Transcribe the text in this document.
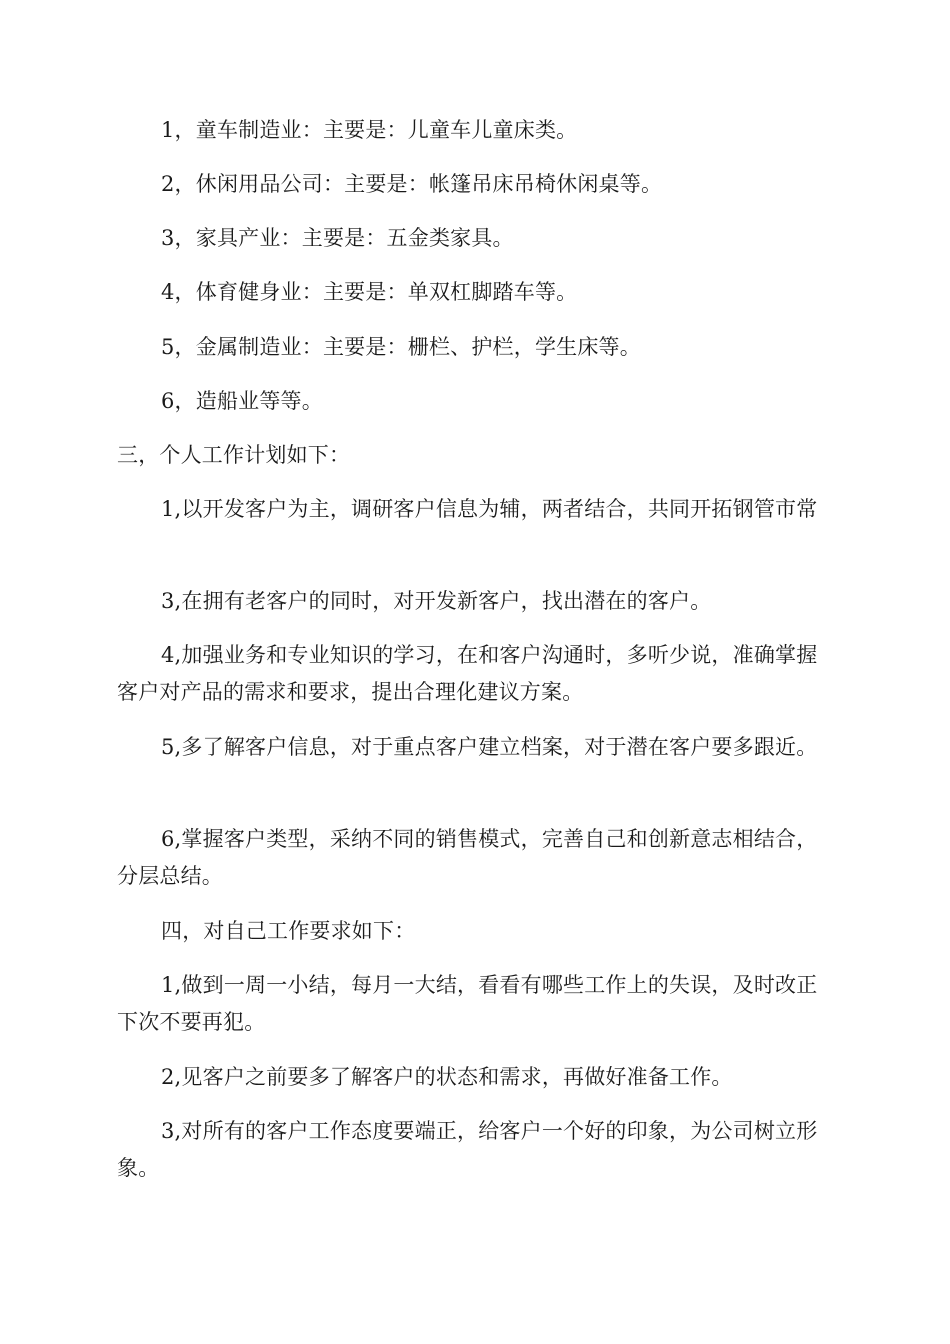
1，童车制造业：主要是：儿童车儿童床类。

2，休闲用品公司：主要是：帐篷吊床吊椅休闲桌等。

3，家具产业：主要是：五金类家具。

4，体育健身业：主要是：单双杠脚踏车等。

5，金属制造业：主要是：栅栏、护栏，学生床等。

6，造船业等等。

三，个人工作计划如下：

1,以开发客户为主，调研客户信息为辅，两者结合，共同开拓钢管市常

3,在拥有老客户的同时，对开发新客户，找出潜在的客户。

4,加强业务和专业知识的学习，在和客户沟通时，多听少说，准确掌握客户对产品的需求和要求，提出合理化建议方案。

5,多了解客户信息，对于重点客户建立档案，对于潜在客户要多跟近。

6,掌握客户类型，采纳不同的销售模式，完善自己和创新意志相结合，分层总结。

四，对自己工作要求如下：

1,做到一周一小结，每月一大结，看看有哪些工作上的失误，及时改正下次不要再犯。

2,见客户之前要多了解客户的状态和需求，再做好准备工作。

3,对所有的客户工作态度要端正，给客户一个好的印象，为公司树立形象。
